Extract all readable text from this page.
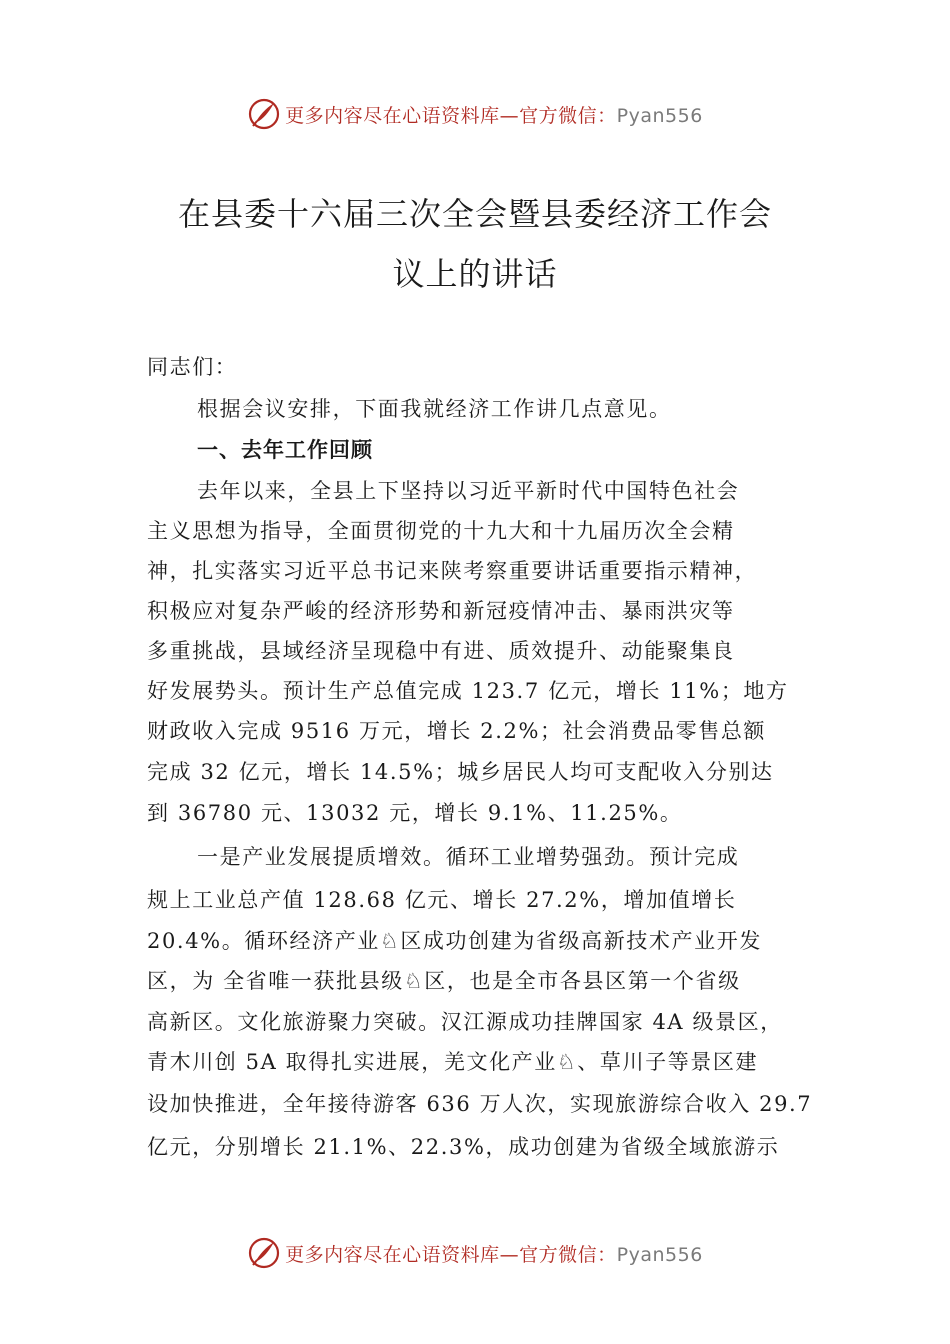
更多内容尽在心语资料库—官方微信：Pyan556
在县委十六届三次全会暨县委经济工作会
议上的讲话
同志们：
根据会议安排，下面我就经济工作讲几点意见。
一、去年工作回顾
去年以来，全县上下坚持以习近平新时代中国特色社会
主义思想为指导，全面贯彻党的十九大和十九届历次全会精
神，扎实落实习近平总书记来陕考察重要讲话重要指示精神，
积极应对复杂严峻的经济形势和新冠疫情冲击、暴雨洪灾等
多重挑战，县域经济呈现稳中有进、质效提升、动能聚集良
好发展势头。预计生产总值完成 123.7 亿元，增长 11%；地方
财政收入完成 9516 万元，增长 2.2%；社会消费品零售总额
完成 32 亿元，增长 14.5%；城乡居民人均可支配收入分别达
到 36780 元、13032 元，增长 9.1%、11.25%。
一是产业发展提质增效。循环工业增势强劲。预计完成
规上工业总产值 128.68 亿元、增长 27.2%，增加值增长
20.4%。循环经济产业♘区成功创建为省级高新技术产业开发
区，为 全省唯一获批县级♘区，也是全市各县区第一个省级
高新区。文化旅游聚力突破。汉江源成功挂牌国家 4A 级景区，
青木川创 5A 取得扎实进展，羌文化产业♘、草川子等景区建
设加快推进，全年接待游客 636 万人次，实现旅游综合收入 29.7
亿元，分别增长 21.1%、22.3%，成功创建为省级全域旅游示
更多内容尽在心语资料库—官方微信：Pyan556
